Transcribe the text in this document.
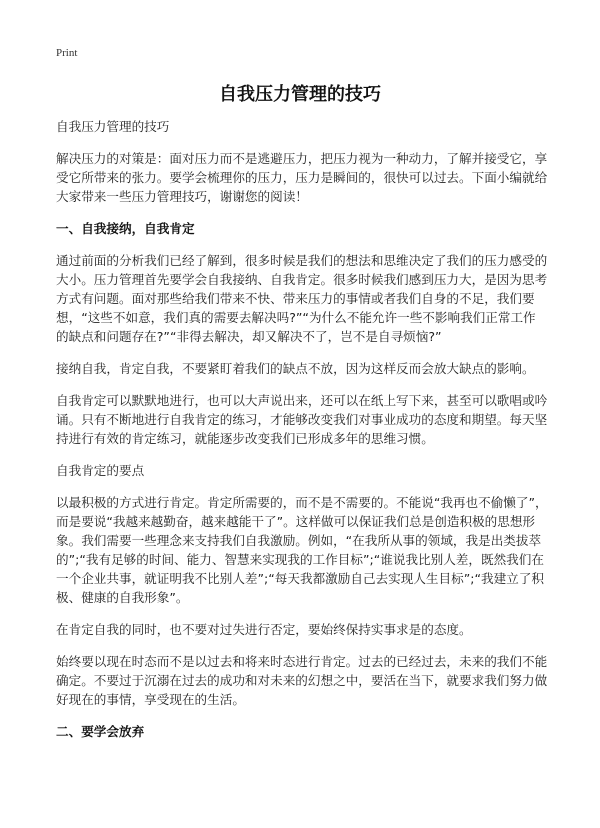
Print
自我压力管理的技巧

自我压力管理的技巧

解决压力的对策是：面对压力而不是逃避压力，把压力视为一种动力，了解并接受它，享受它所带来的张力。要学会梳理你的压力，压力是瞬间的，很快可以过去。下面小编就给大家带来一些压力管理技巧，谢谢您的阅读！

一、自我接纳，自我肯定

通过前面的分析我们已经了解到，很多时候是我们的想法和思维决定了我们的压力感受的大小。压力管理首先要学会自我接纳、自我肯定。很多时候我们感到压力大，是因为思考方式有问题。面对那些给我们带来不快、带来压力的事情或者我们自身的不足，我们要想，“这些不如意，我们真的需要去解决吗?”“为什么不能允许一些不影响我们正常工作的缺点和问题存在?”“非得去解决，却又解决不了，岂不是自寻烦恼?”

接纳自我，肯定自我，不要紧盯着我们的缺点不放，因为这样反而会放大缺点的影响。

自我肯定可以默默地进行，也可以大声说出来，还可以在纸上写下来，甚至可以歌唱或吟诵。只有不断地进行自我肯定的练习，才能够改变我们对事业成功的态度和期望。每天坚持进行有效的肯定练习，就能逐步改变我们已形成多年的思维习惯。

自我肯定的要点

以最积极的方式进行肯定。肯定所需要的，而不是不需要的。不能说“我再也不偷懒了”，而是要说“我越来越勤奋，越来越能干了”。这样做可以保证我们总是创造积极的思想形象。我们需要一些理念来支持我们自我激励。例如，“在我所从事的领域，我是出类拔萃的”;“我有足够的时间、能力、智慧来实现我的工作目标”;“谁说我比别人差，既然我们在一个企业共事，就证明我不比别人差”;“每天我都激励自己去实现人生目标”;“我建立了积极、健康的自我形象”。

在肯定自我的同时，也不要对过失进行否定，要始终保持实事求是的态度。

始终要以现在时态而不是以过去和将来时态进行肯定。过去的已经过去，未来的我们不能确定。不要过于沉溺在过去的成功和对未来的幻想之中，要活在当下，就要求我们努力做好现在的事情，享受现在的生活。

二、要学会放弃
